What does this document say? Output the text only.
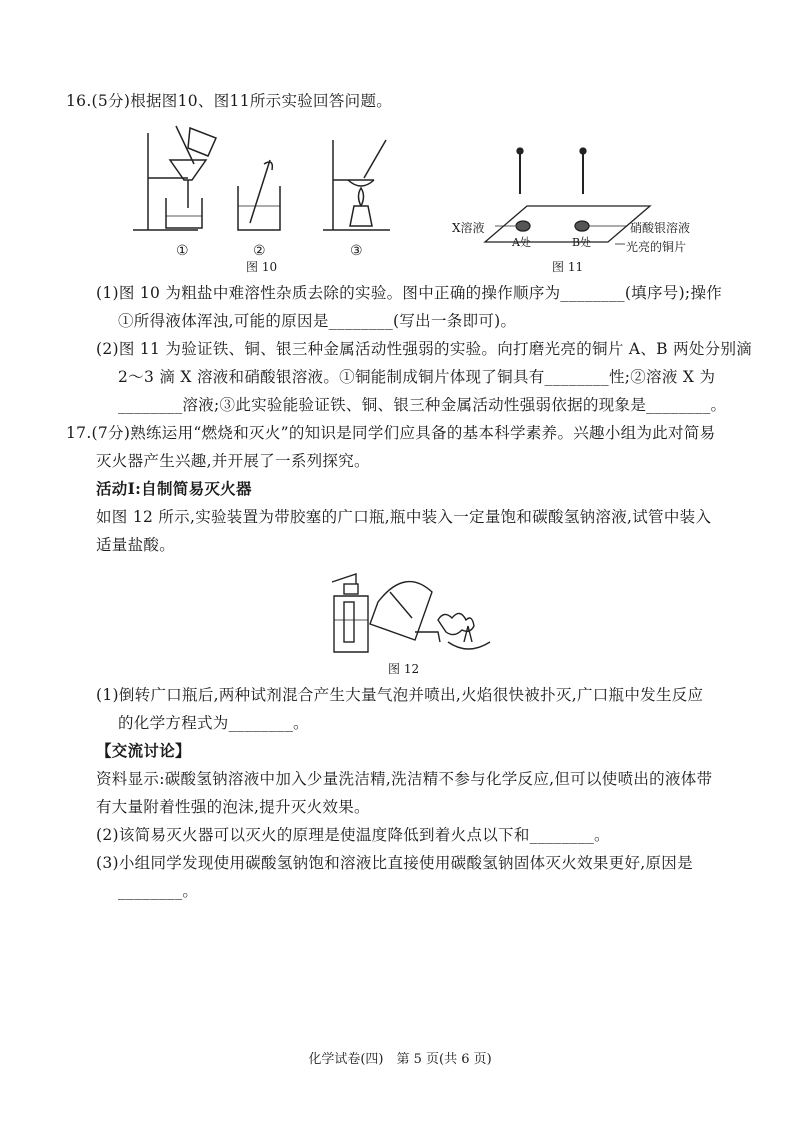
16.(5分)根据图10、图11所示实验回答问题。
①	②	③
图 10
X溶液
A处	B处
硝酸银溶液
光亮的铜片
图 11
(1)图 10 为粗盐中难溶性杂质去除的实验。图中正确的操作顺序为________(填序号);操作
①所得液体浑浊,可能的原因是________(写出一条即可)。
(2)图 11 为验证铁、铜、银三种金属活动性强弱的实验。向打磨光亮的铜片 A、B 两处分别滴
2～3 滴 X 溶液和硝酸银溶液。①铜能制成铜片体现了铜具有________性;②溶液 X 为
________溶液;③此实验能验证铁、铜、银三种金属活动性强弱依据的现象是________。
17.(7分)熟练运用“燃烧和灭火”的知识是同学们应具备的基本科学素养。兴趣小组为此对简易
灭火器产生兴趣,并开展了一系列探究。
活动Ⅰ:自制简易灭火器
如图 12 所示,实验装置为带胶塞的广口瓶,瓶中装入一定量饱和碳酸氢钠溶液,试管中装入
适量盐酸。
图 12
(1)倒转广口瓶后,两种试剂混合产生大量气泡并喷出,火焰很快被扑灭,广口瓶中发生反应
的化学方程式为________。
【交流讨论】
资料显示:碳酸氢钠溶液中加入少量洗洁精,洗洁精不参与化学反应,但可以使喷出的液体带
有大量附着性强的泡沫,提升灭火效果。
(2)该简易灭火器可以灭火的原理是使温度降低到着火点以下和________。
(3)小组同学发现使用碳酸氢钠饱和溶液比直接使用碳酸氢钠固体灭火效果更好,原因是
________。
化学试卷(四)　第 5 页(共 6 页)
